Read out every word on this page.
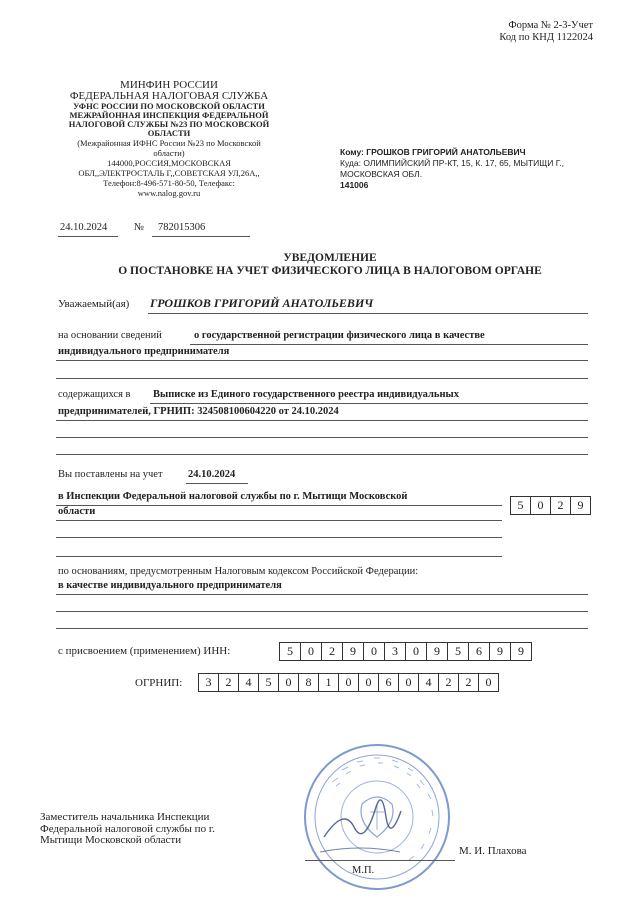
Форма № 2-3-Учет
Код по КНД 1122024
МИНФИН РОССИИ
ФЕДЕРАЛЬНАЯ НАЛОГОВАЯ СЛУЖБА
УФНС РОССИИ ПО МОСКОВСКОЙ ОБЛАСТИ
МЕЖРАЙОННАЯ ИНСПЕКЦИЯ ФЕДЕРАЛЬНОЙ
НАЛОГОВОЙ СЛУЖБЫ №23 ПО МОСКОВСКОЙ
ОБЛАСТИ
(Межрайонная ИФНС России №23 по Московской
области)
144000,РОССИЯ,МОСКОВСКАЯ
ОБЛ,,ЭЛЕКТРОСТАЛЬ Г,,СОВЕТСКАЯ УЛ,26А,,
Телефон:8-496-571-80-50, Телефакс:
www.nalog.gov.ru
Кому: ГРОШКОВ ГРИГОРИЙ АНАТОЛЬЕВИЧ
Куда: ОЛИМПИЙСКИЙ ПР-КТ, 15, К. 17, 65, МЫТИЩИ Г.,
МОСКОВСКАЯ ОБЛ.
141006
24.10.2024	№ 782015306
УВЕДОМЛЕНИЕ
О ПОСТАНОВКЕ НА УЧЕТ ФИЗИЧЕСКОГО ЛИЦА В НАЛОГОВОМ ОРГАНЕ
Уважаемый(ая) ГРОШКОВ ГРИГОРИЙ АНАТОЛЬЕВИЧ
на основании сведений	о государственной регистрации физического лица в качестве
индивидуального предпринимателя
содержащихся в Выписке из Единого государственного реестра индивидуальных
предпринимателей, ГРНИП: 324508100604220 от 24.10.2024
Вы поставлены на учет 24.10.2024
в Инспекции Федеральной налоговой службы по г. Мытищи Московской
области	5	0	2	9
по основаниям, предусмотренным Налоговым кодексом Российской Федерации:
в качестве индивидуального предпринимателя
с присвоением (применением) ИНН:	5	0	2	9	0	3	0	9	5	6	9	9
ОГРНИП:	3	2	4	5	0	8	1	0	0	6	0	4	2	2	0
Заместитель начальника Инспекции
Федеральной налоговой службы по г.
Мытищи Московской области
М. И. Плахова
М.П.
